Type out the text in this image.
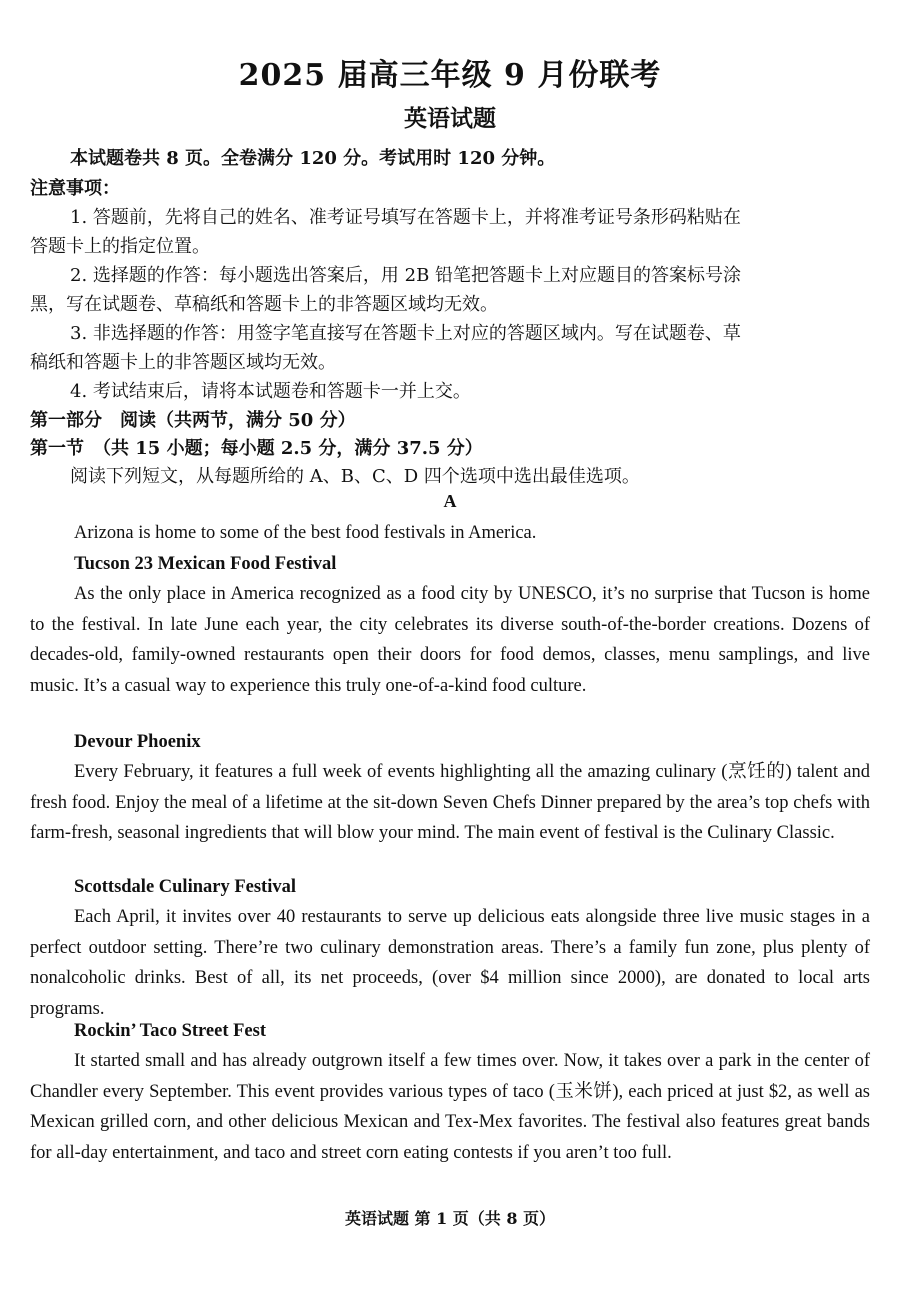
2025 届高三年级 9 月份联考
英语试题
本试题卷共 8 页。全卷满分 120 分。考试用时 120 分钟。
注意事项：
1. 答题前，先将自己的姓名、准考证号填写在答题卡上，并将准考证号条形码粘贴在
答题卡上的指定位置。
2. 选择题的作答：每小题选出答案后，用 2B 铅笔把答题卡上对应题目的答案标号涂
黑，写在试题卷、草稿纸和答题卡上的非答题区域均无效。
3. 非选择题的作答：用签字笔直接写在答题卡上对应的答题区域内。写在试题卷、草
稿纸和答题卡上的非答题区域均无效。
4. 考试结束后，请将本试题卷和答题卡一并上交。
第一部分　阅读（共两节，满分 50 分）
第一节　（共 15 小题；每小题 2.5 分，满分 37.5 分）
阅读下列短文，从每题所给的 A、B、C、D 四个选项中选出最佳选项。
A
Arizona is home to some of the best food festivals in America.
Tucson 23 Mexican Food Festival
As the only place in America recognized as a food city by UNESCO, it’s no surprise that Tucson is home to the festival. In late June each year, the city celebrates its diverse south-of-the-border creations. Dozens of decades-old, family-owned restaurants open their doors for food demos, classes, menu samplings, and live music. It’s a casual way to experience this truly one-of-a-kind food culture.
Devour Phoenix
Every February, it features a full week of events highlighting all the amazing culinary (烹饪的) talent and fresh food. Enjoy the meal of a lifetime at the sit-down Seven Chefs Dinner prepared by the area’s top chefs with farm-fresh, seasonal ingredients that will blow your mind. The main event of festival is the Culinary Classic.
Scottsdale Culinary Festival
Each April, it invites over 40 restaurants to serve up delicious eats alongside three live music stages in a perfect outdoor setting. There’re two culinary demonstration areas. There’s a family fun zone, plus plenty of nonalcoholic drinks. Best of all, its net proceeds, (over $4 million since 2000), are donated to local arts programs.
Rockin’ Taco Street Fest
It started small and has already outgrown itself a few times over. Now, it takes over a park in the center of Chandler every September. This event provides various types of taco (玉米饼), each priced at just $2, as well as Mexican grilled corn, and other delicious Mexican and Tex-Mex favorites. The festival also features great bands for all-day entertainment, and taco and street corn eating contests if you aren’t too full.
英语试题 第 1 页（共 8 页）
